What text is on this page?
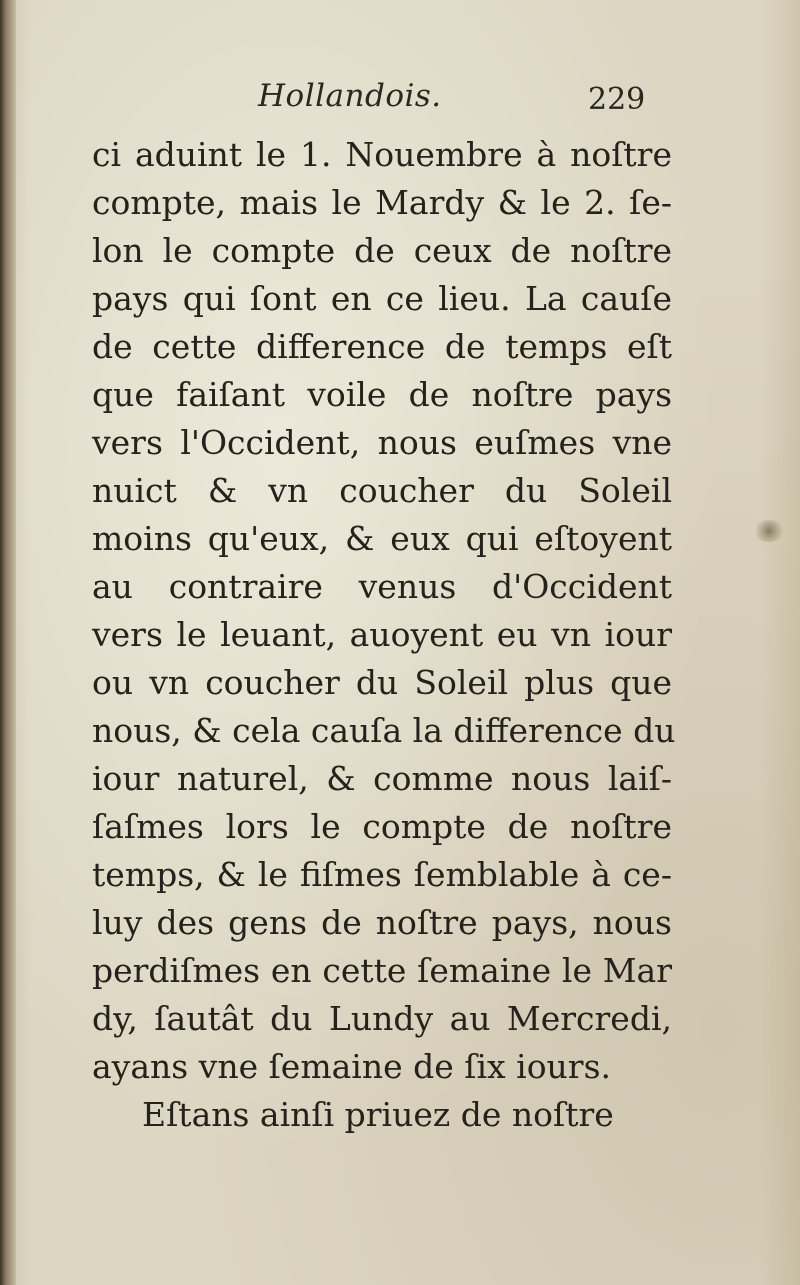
Hollandois.	229
ci aduint le 1. Nouembre à noſtre
compte, mais le Mardy & le 2. ſe-
lon le compte de ceux de noſtre
pays qui ſont en ce lieu. La cauſe
de cette difference de temps eſt
que faiſant voile de noſtre pays
vers l'Occident, nous euſmes vne
nuict & vn coucher du Soleil
moins qu'eux, & eux qui eſtoyent
au contraire venus d'Occident
vers le leuant, auoyent eu vn iour
ou vn coucher du Soleil plus que
nous, & cela cauſa la difference du
iour naturel, & comme nous laiſ-
ſaſmes lors le compte de noſtre
temps, & le fiſmes ſemblable à ce-
luy des gens de noſtre pays, nous
perdiſmes en cette ſemaine le Mar
dy, ſautât du Lundy au Mercredi,
ayans vne ſemaine de ſix iours.
Eſtans ainſi priuez de noſtre
